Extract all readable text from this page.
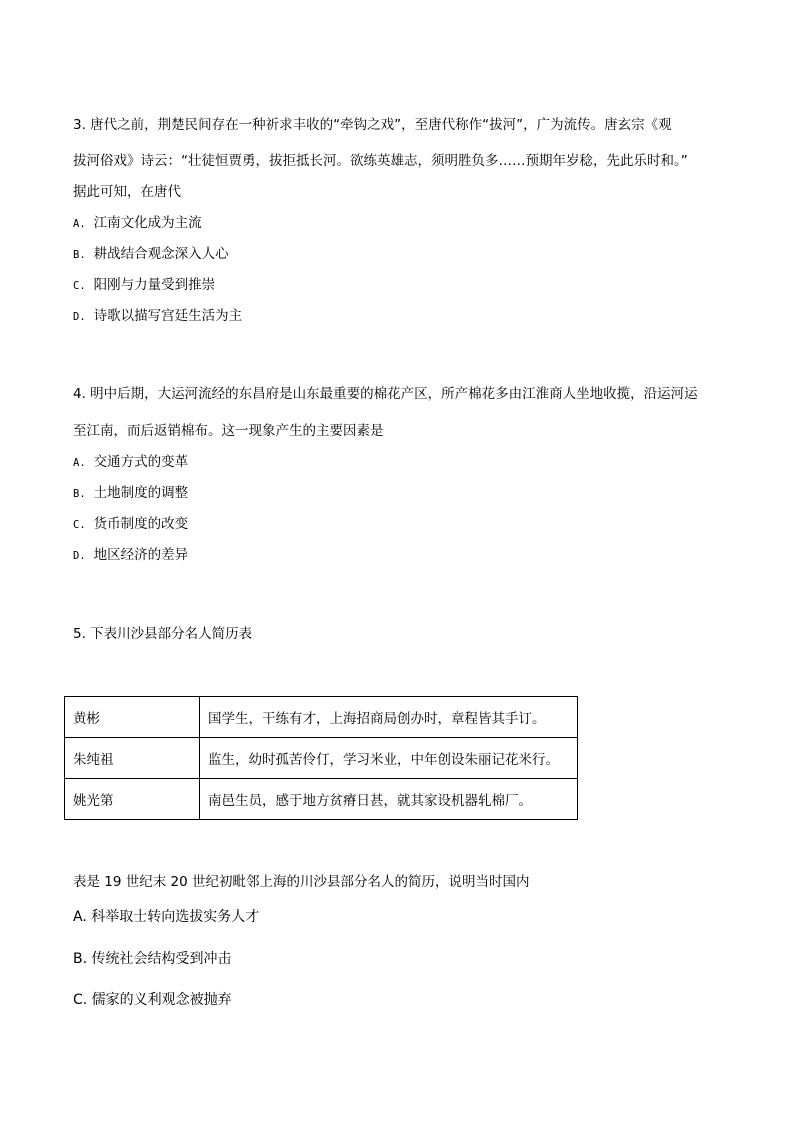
3. 唐代之前，荆楚民间存在一种祈求丰收的“牵钩之戏”，至唐代称作“拔河”，广为流传。唐玄宗《观
拔河俗戏》诗云：“壮徒恒贾勇，拔拒抵长河。欲练英雄志，须明胜负多……预期年岁稔，先此乐时和。”
据此可知，在唐代
A. 江南文化成为主流
B. 耕战结合观念深入人心
C. 阳刚与力量受到推崇
D. 诗歌以描写宫廷生活为主
4. 明中后期，大运河流经的东昌府是山东最重要的棉花产区，所产棉花多由江淮商人坐地收揽，沿运河运
至江南，而后返销棉布。这一现象产生的主要因素是
A. 交通方式的变革
B. 土地制度的调整
C. 货币制度的改变
D. 地区经济的差异
5. 下表川沙县部分名人简历表
黄彬	国学生，干练有才，上海招商局创办时，章程皆其手订。
朱纯祖	监生，幼时孤苦伶仃，学习米业，中年创设朱丽记花米行。
姚光第	南邑生员，感于地方贫瘠日甚，就其家设机器轧棉厂。
表是 19 世纪末 20 世纪初毗邻上海的川沙县部分名人的简历，说明当时国内
A. 科举取士转向选拔实务人才
B. 传统社会结构受到冲击
C. 儒家的义利观念被抛弃
